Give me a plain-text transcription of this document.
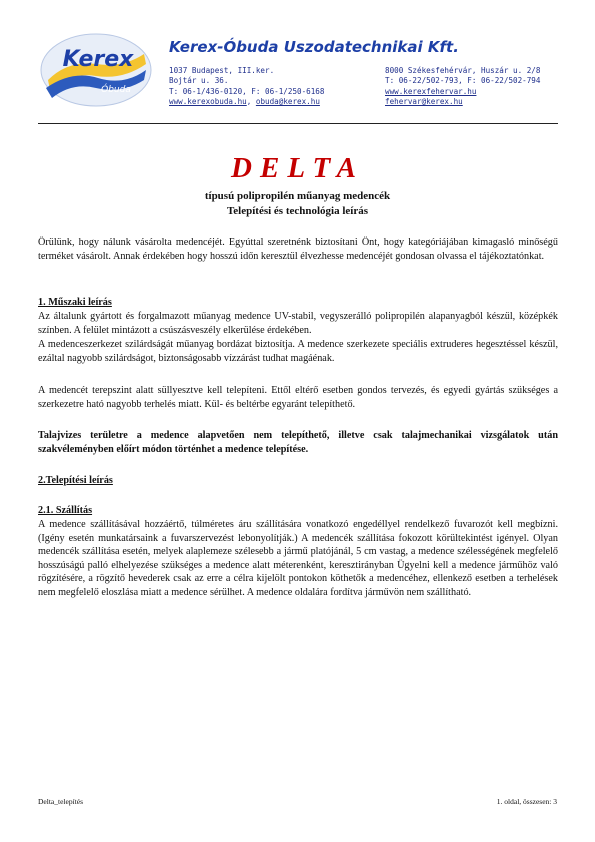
Kerex
Óbuda
Kerex-Óbuda Uszodatechnikai Kft.
1037 Budapest, III.ker.
Bojtár u. 36.
T: 06-1/436-0120, F: 06-1/250-6168
www.kerexobuda.hu, obuda@kerex.hu
8000 Székesfehérvár, Huszár u. 2/8
T: 06-22/502-793, F: 06-22/502-794
www.kerexfehervar.hu
fehervar@kerex.hu
DELTA
típusú polipropilén műanyag medencék
Telepítési és technológia leírás
Örülünk, hogy nálunk vásárolta medencéjét. Egyúttal szeretnénk biztosítani Önt, hogy kategóriájában kimagasló minőségű terméket vásárolt. Annak érdekében hogy hosszú időn keresztül élvezhesse medencéjét gondosan olvassa el tájékoztatónkat.
1. Műszaki leírás
Az általunk gyártott és forgalmazott műanyag medence UV-stabil, vegyszerálló polipropilén alapanyagból készül, középkék színben. A felület mintázott a csúszásveszély elkerülése érdekében.
A medenceszerkezet szilárdságát műanyag bordázat biztosítja. A medence szerkezete speciális extruderes hegesztéssel készül, ezáltal nagyobb szilárdságot, biztonságosabb vízzárást tudhat magáénak.
A medencét terepszint alatt süllyesztve kell telepíteni. Ettől eltérő esetben gondos tervezés, és egyedi gyártás szükséges a szerkezetre ható nagyobb terhelés miatt. Kül- és beltérbe egyaránt telepíthető.
Talajvizes területre a medence alapvetően nem telepíthető, illetve csak talajmechanikai vizsgálatok után szakvéleményben előírt módon történhet a medence telepítése.
2.Telepítési leírás
2.1. Szállítás
A medence szállításával hozzáértő, túlméretes áru szállítására vonatkozó engedéllyel rendelkező fuvarozót kell megbízni. (Igény esetén munkatársaink a fuvarszervezést lebonyolítják.) A medencék szállítása fokozott körültekintést igényel. Olyan medencék szállítása esetén, melyek alaplemeze szélesebb a jármű platójánál, 5 cm vastag, a medence szélességének megfelelő hosszúságú palló elhelyezése szükséges a medence alatt méterenként, keresztirányban Ügyelni kell a medence járműhöz való rögzítésére, a rögzítő hevederek csak az erre a célra kijelölt pontokon köthetők a medencéhez, ellenkező esetben a terhelések nem megfelelő eloszlása miatt a medence sérülhet. A medence oldalára fordítva járművön nem szállítható.
Delta_telepítés	1. oldal, összesen: 3
